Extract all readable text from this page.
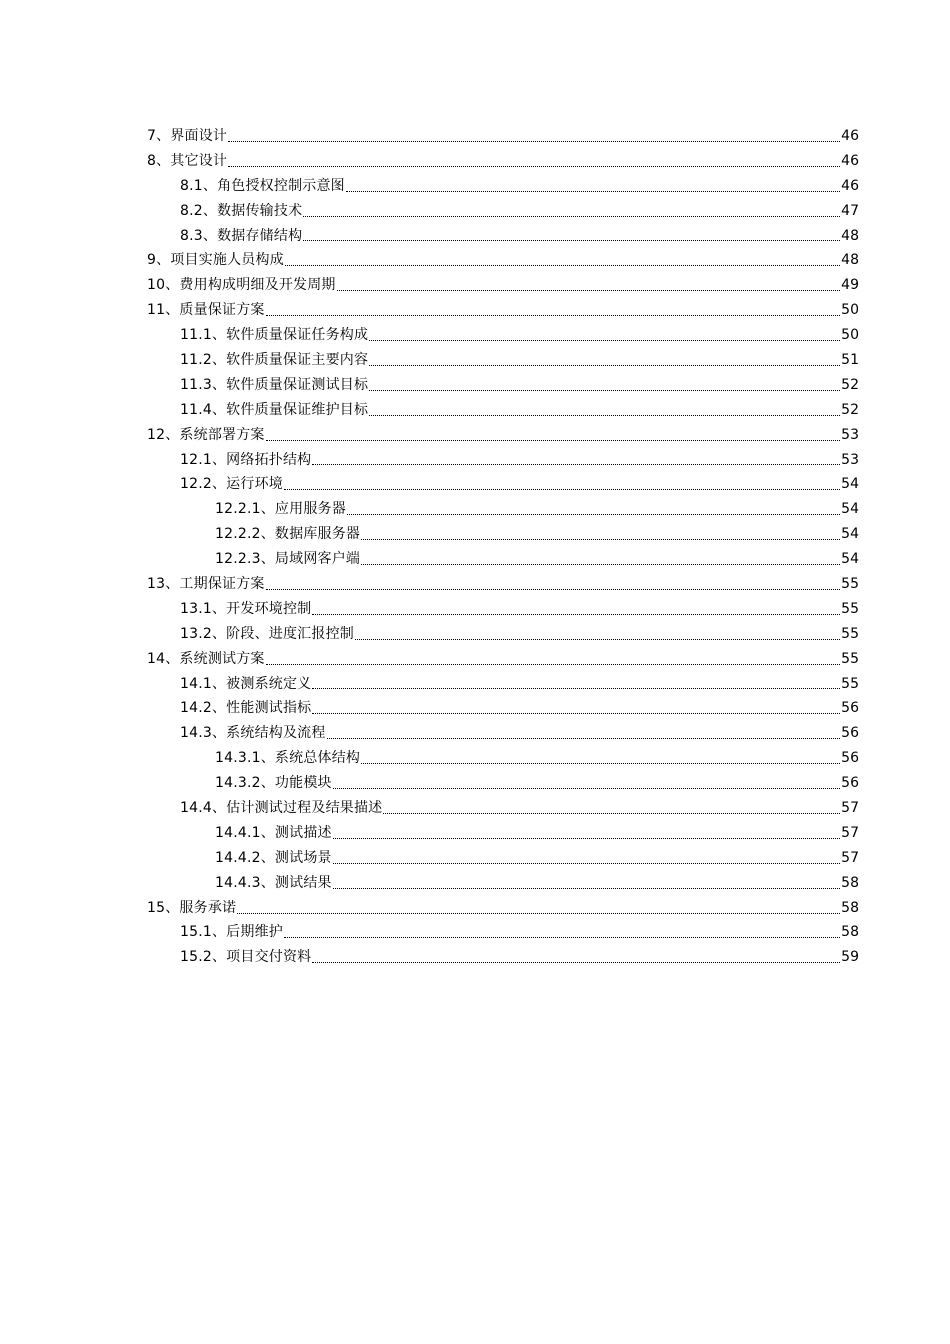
7、界面设计	46
8、其它设计	46
8.1、角色授权控制示意图	46
8.2、数据传输技术	47
8.3、数据存储结构	48
9、项目实施人员构成	48
10、费用构成明细及开发周期	49
11、质量保证方案	50
11.1、软件质量保证任务构成	50
11.2、软件质量保证主要内容	51
11.3、软件质量保证测试目标	52
11.4、软件质量保证维护目标	52
12、系统部署方案	53
12.1、网络拓扑结构	53
12.2、运行环境	54
12.2.1、应用服务器	54
12.2.2、数据库服务器	54
12.2.3、局域网客户端	54
13、工期保证方案	55
13.1、开发环境控制	55
13.2、阶段、进度汇报控制	55
14、系统测试方案	55
14.1、被测系统定义	55
14.2、性能测试指标	56
14.3、系统结构及流程	56
14.3.1、系统总体结构	56
14.3.2、功能模块	56
14.4、估计测试过程及结果描述	57
14.4.1、测试描述	57
14.4.2、测试场景	57
14.4.3、测试结果	58
15、服务承诺	58
15.1、后期维护	58
15.2、项目交付资料	59
